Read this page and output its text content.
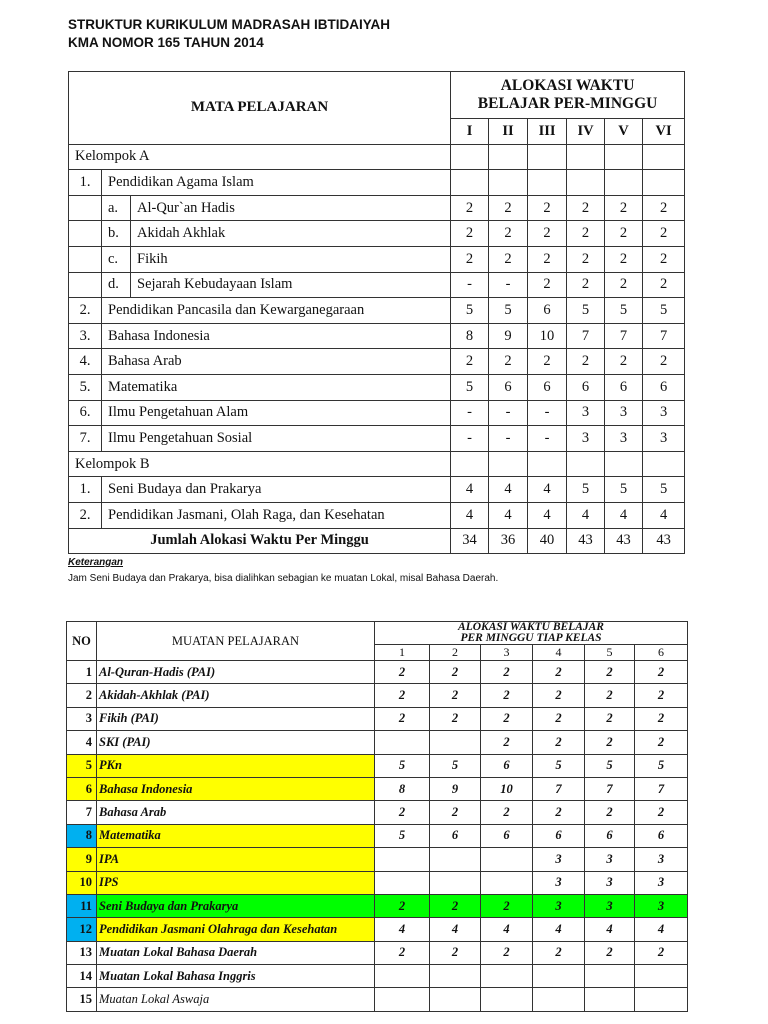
STRUKTUR KURIKULUM MADRASAH IBTIDAIYAH
KMA NOMOR 165 TAHUN 2014
MATA PELAJARAN			ALOKASI WAKTU
BELAJAR PER-MINGGU					

			I	II	III	IV	V	VI
Kelompok A								
1.	Pendidikan Agama Islam							
	a.	Al-Qur`an Hadis	2	2	2	2	2	2
	b.	Akidah Akhlak	2	2	2	2	2	2
	c.	Fikih	2	2	2	2	2	2
	d.	Sejarah Kebudayaan Islam	-	-	2	2	2	2
2.	Pendidikan Pancasila dan Kewarganegaraan		5	5	6	5	5	5
3.	Bahasa Indonesia		8	9	10	7	7	7
4.	Bahasa Arab		2	2	2	2	2	2
5.	Matematika		5	6	6	6	6	6
6.	Ilmu Pengetahuan Alam		-	-	-	3	3	3
7.	Ilmu Pengetahuan Sosial		-	-	-	3	3	3
Kelompok B								
1.	Seni Budaya dan Prakarya		4	4	4	5	5	5
2.	Pendidikan Jasmani, Olah Raga, dan Kesehatan		4	4	4	4	4	4
Jumlah Alokasi Waktu Per Minggu			34	36	40	43	43	43
Keterangan
Jam Seni Budaya dan Prakarya, bisa dialihkan sebagian ke muatan Lokal, misal Bahasa Daerah.
NO	MUATAN PELAJARAN	ALOKASI WAKTU BELAJAR
PER MINGGU TIAP KELAS					

		1	2	3	4	5	6
1	Al-Quran-Hadis (PAI)	2	2	2	2	2	2
2	Akidah-Akhlak (PAI)	2	2	2	2	2	2
3	Fikih (PAI)	2	2	2	2	2	2
4	SKI (PAI)			2	2	2	2
5	PKn	5	5	6	5	5	5
6	Bahasa Indonesia	8	9	10	7	7	7
7	Bahasa Arab	2	2	2	2	2	2
8	Matematika	5	6	6	6	6	6
9	IPA				3	3	3
10	IPS				3	3	3
11	Seni Budaya dan Prakarya	2	2	2	3	3	3
12	Pendidikan Jasmani Olahraga dan Kesehatan	4	4	4	4	4	4
13	Muatan Lokal Bahasa Daerah	2	2	2	2	2	2
14	Muatan Lokal Bahasa Inggris						
15	Muatan Lokal Aswaja						
